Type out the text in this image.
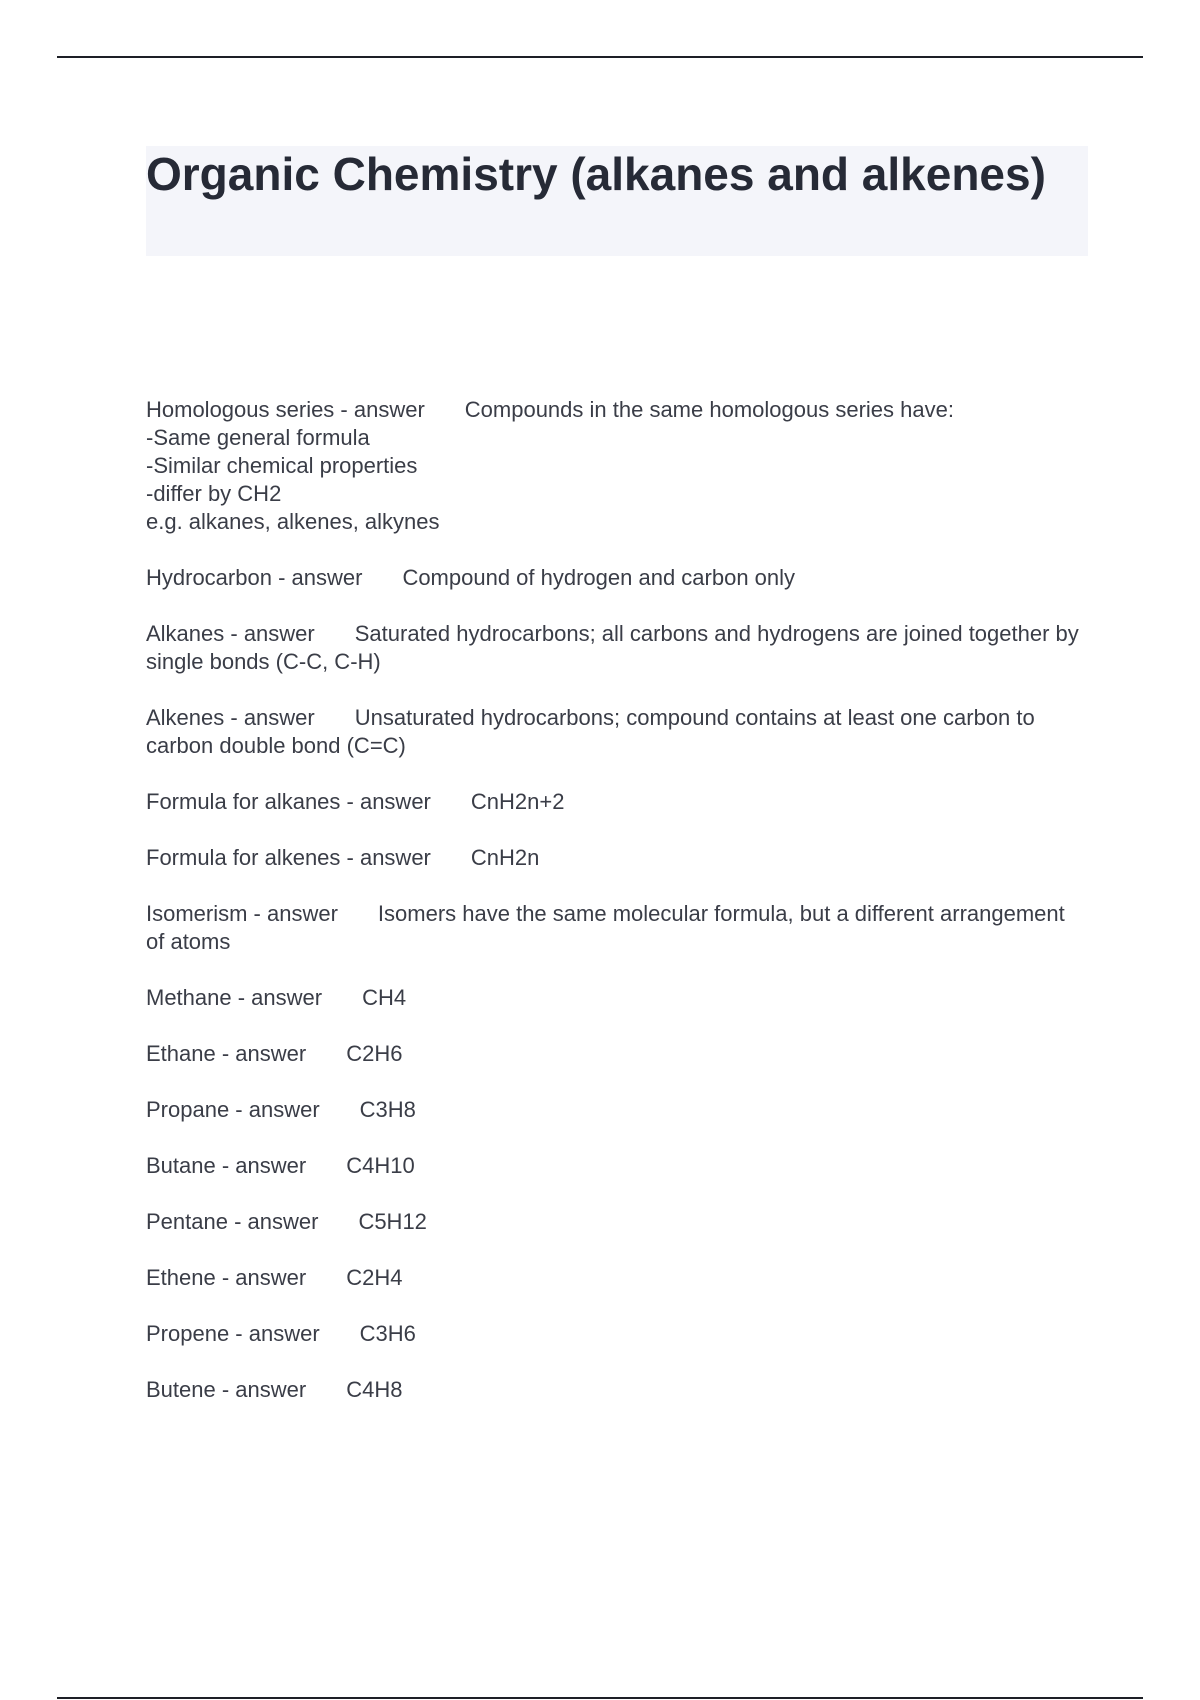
Organic Chemistry (alkanes and alkenes)
Homologous series - answer Compounds in the same homologous series have:
-Same general formula
-Similar chemical properties
-differ by CH2
e.g. alkanes, alkenes, alkynes
Hydrocarbon - answer Compound of hydrogen and carbon only
Alkanes - answer Saturated hydrocarbons; all carbons and hydrogens are joined together by single bonds (C-C, C-H)
Alkenes - answer Unsaturated hydrocarbons; compound contains at least one carbon to carbon double bond (C=C)
Formula for alkanes - answer CnH2n+2
Formula for alkenes - answer CnH2n
Isomerism - answer Isomers have the same molecular formula, but a different arrangement of atoms
Methane - answer CH4
Ethane - answer C2H6
Propane - answer C3H8
Butane - answer C4H10
Pentane - answer C5H12
Ethene - answer C2H4
Propene - answer C3H6
Butene - answer C4H8
